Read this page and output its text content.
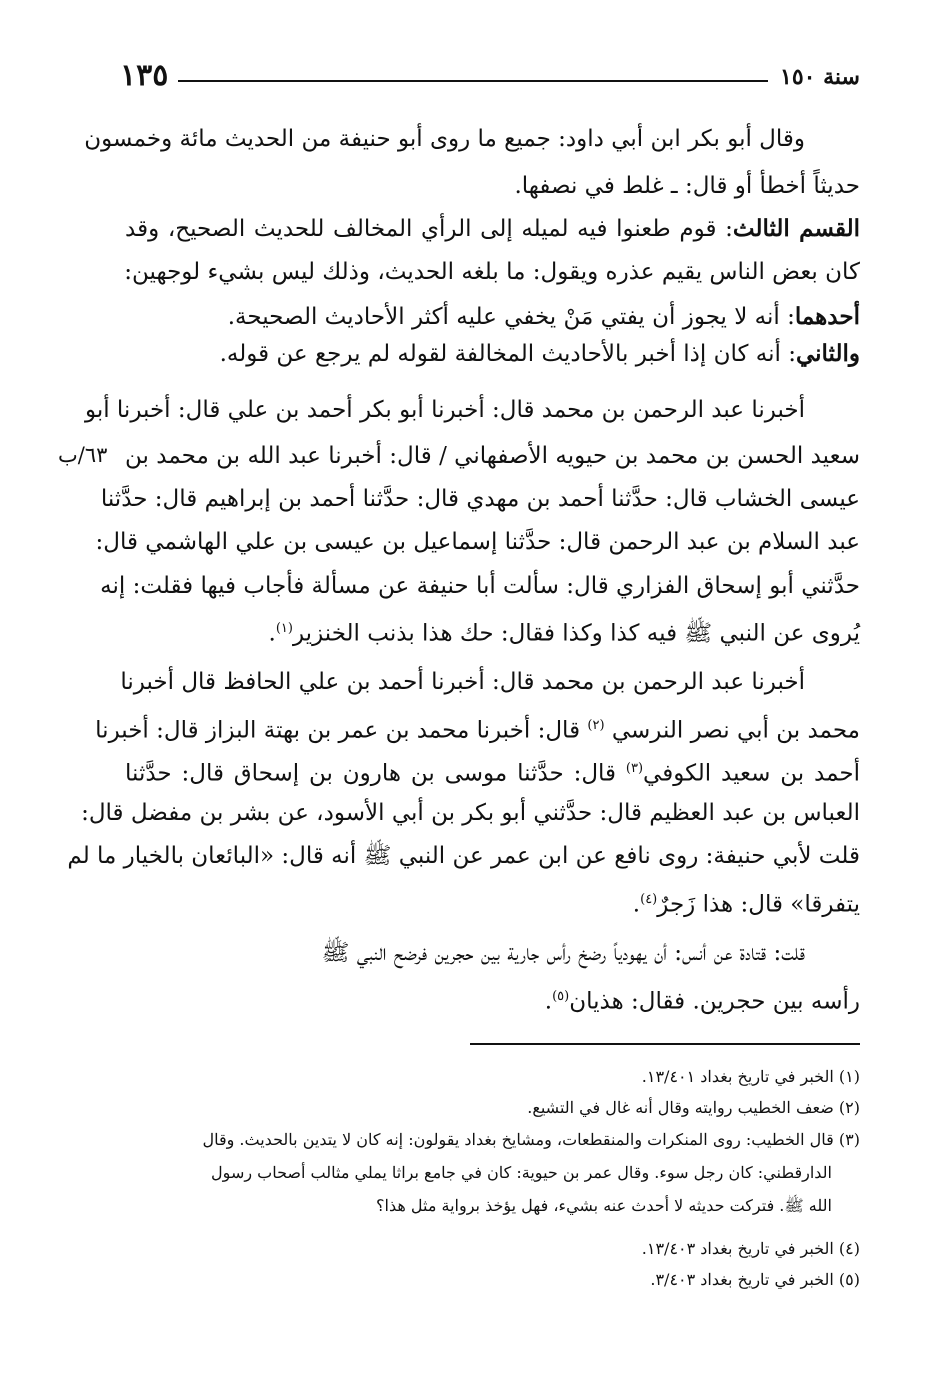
١٣٥	سنة ١٥٠
وقال أبو بكر ابن أبي داود: جميع ما روى أبو حنيفة من الحديث مائة وخمسون
حديثاً أخطأ أو قال: ـ غلط في نصفها.
القسم الثالث: قوم طعنوا فيه لميله إلى الرأي المخالف للحديث الصحيح، وقد
كان بعض الناس يقيم عذره ويقول: ما بلغه الحديث، وذلك ليس بشيء لوجهين:
أحدهما: أنه لا يجوز أن يفتي مَنْ يخفي عليه أكثر الأحاديث الصحيحة.
والثاني: أنه كان إذا أخبر بالأحاديث المخالفة لقوله لم يرجع عن قوله.
أخبرنا عبد الرحمن بن محمد قال: أخبرنا أبو بكر أحمد بن علي قال: أخبرنا أبو
سعيد الحسن بن محمد بن حيويه الأصفهاني / قال: أخبرنا عبد الله بن محمد بن
عيسى الخشاب قال: حدَّثنا أحمد بن مهدي قال: حدَّثنا أحمد بن إبراهيم قال: حدَّثنا
عبد السلام بن عبد الرحمن قال: حدَّثنا إسماعيل بن عيسى بن علي الهاشمي قال:
حدَّثني أبو إسحاق الفزاري قال: سألت أبا حنيفة عن مسألة فأجاب فيها فقلت: إنه
يُروى عن النبي ﷺ فيه كذا وكذا فقال: حك هذا بذنب الخنزير$^{(١)}$.
أخبرنا عبد الرحمن بن محمد قال: أخبرنا أحمد بن علي الحافظ قال أخبرنا
محمد بن أبي نصر النرسي $^{(٢)}$ قال: أخبرنا محمد بن عمر بن بهتة البزاز قال: أخبرنا
أحمد بن سعيد الكوفي$^{(٣)}$ قال: حدَّثنا موسى بن هارون بن إسحاق قال: حدَّثنا
العباس بن عبد العظيم قال: حدَّثني أبو بكر بن أبي الأسود، عن بشر بن مفضل قال:
قلت لأبي حنيفة: روى نافع عن ابن عمر عن النبي ﷺ أنه قال: «البائعان بالخيار ما لم
يتفرقا» قال: هذا زَجرٌ$^{(٤)}$.
قلت: قتادة عن أنس: أن يهودياً رضخ رأس جارية بين حجرين فرضح النبي ﷺ
رأسه بين حجرين. فقال: هذيان$^{(٥)}$.
٦٣/ب
(١) الخبر في تاريخ بغداد ١٣/٤٠١.
(٢) ضعف الخطيب روايته وقال أنه غال في التشيع.
(٣) قال الخطيب: روى المنكرات والمنقطعات، ومشايخ بغداد يقولون: إنه كان لا يتدين بالحديث. وقال
الدارقطني: كان رجل سوء. وقال عمر بن حيوية: كان في جامع براثا يملي مثالب أصحاب رسول
الله ﷺ. فتركت حديثه لا أحدث عنه بشيء، فهل يؤخذ برواية مثل هذا؟
(٤) الخبر في تاريخ بغداد ١٣/٤٠٣.
(٥) الخبر في تاريخ بغداد ٣/٤٠٣.
